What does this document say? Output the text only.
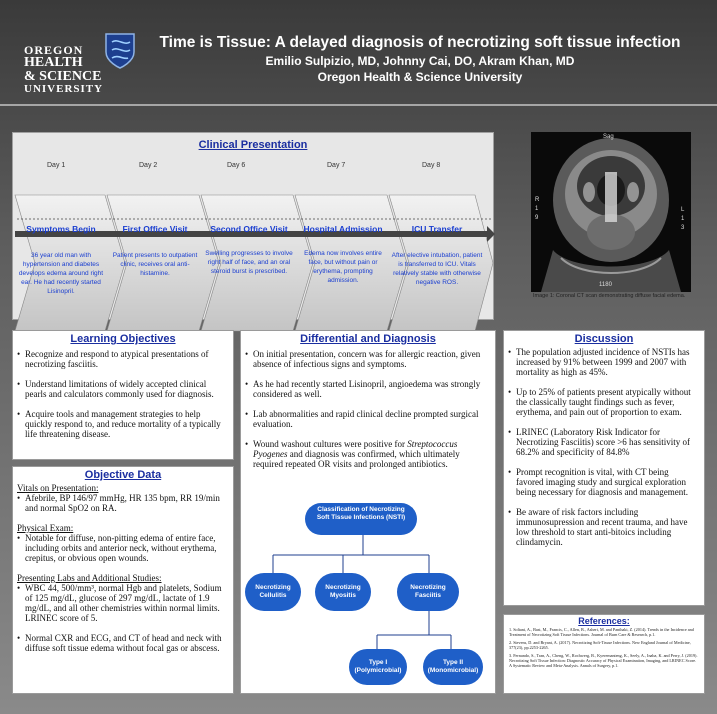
OREGON
HEALTH
& SCIENCE
UNIVERSITY
Time is Tissue: A delayed diagnosis of necrotizing soft tissue infection
Emilio Sulpizio, MD, Johnny Cai, DO, Akram Khan, MD
Oregon Health & Science University
Clinical Presentation
Day 1	Day 2	Day 6	Day 7	Day 8
Symptoms Begin
36 year old man with hypertension and diabetes develops edema around right ear. He had recently started Lisinopril.
First Office Visit
Patient presents to outpatient clinic, receives oral anti-histamine.
Second Office Visit
Swelling progresses to involve right half of face, and an oral steroid burst is prescribed.
Hospital Admission
Edema now involves entire face, but without pain or erythema, prompting admission.
ICU Transfer
After elective intubation, patient is transferred to ICU. Vitals relatively stable with otherwise negative ROS.
Sag
R
1
9
L
1
3
1180
Image 1: Coronal CT scan demonstrating diffuse facial edema.
Learning Objectives
• Recognize and respond to atypical presentations of necrotizing fasciitis.
• Understand limitations of widely accepted clinical pearls and calculators commonly used for diagnosis.
• Acquire tools and management strategies to help quickly respond to, and reduce mortality of a typically life threatening disease.
Objective Data
Vitals on Presentation:
• Afebrile, BP 146/97 mmHg, HR 135 bpm, RR 19/min and normal SpO2 on RA.
Physical Exam:
• Notable for diffuse, non-pitting edema of entire face, including orbits and anterior neck, without erythema, crepitus, or obvious open wounds.
Presenting Labs and Additional Studies:
• WBC 44, 500/mm³, normal Hgb and platelets, Sodium of 125 mg/dL, glucose of 297 mg/dL, lactate of 1.9 mg/dL, and all other chemistries within normal limits. LRINEC score of 5.
• Normal CXR and ECG, and CT of head and neck with diffuse soft tissue edema without focal gas or abscess.
Differential and Diagnosis
• On initial presentation, concern was for allergic reaction, given absence of infectious signs and symptoms.
• As he had recently started Lisinopril, angioedema was strongly considered as well.
• Lab abnormalities and rapid clinical decline prompted surgical evaluation.
• Wound washout cultures were positive for Streptococcus Pyogenes and diagnosis was confirmed, which ultimately required repeated OR visits and prolonged antibiotics.
Classification of Necrotizing Soft Tissue Infections (NSTI)
Necrotizing Cellulitis
Necrotizing Myositis
Necrotizing Fasciitis
Type I (Polymicrobial)
Type II (Monomicrobial)
Discussion
• The population adjusted incidence of NSTIs has increased by 91% between 1999 and 2007 with mortality as high as 45%.
• Up to 25% of patients present atypically without the classically taught findings such as fever, erythema, and pain out of proportion to exam.
• LRINEC (Laboratory Risk Indicator for Necrotizing Fasciitis) score >6 has sensitivity of 68.2% and specificity of 84.8%
• Prompt recognition is vital, with CT being favored imaging study and surgical exploration being necessary for diagnosis and management.
• Be aware of risk factors including immunosupression and recent trauma, and have low threshold to start anti-bitoics including clindamycin.
References:
1. Soltani, A., Bast, M., Francis, C., Allen, B., Asheri, M. and Panthaki, Z. (2014). Trends in the Incidence and Treatment of Necrotizing Soft Tissue Infections. Journal of Burn Care & Research, p.1.
2. Stevens, D. and Bryant, A. (2017). Necrotizing Soft-Tissue Infections. New England Journal of Medicine, 377(23), pp.2253-2265.
3. Fernando, S., Tran, A., Cheng, W., Rochwerg, B., Kyeremanteng, K., Seely, A., Inaba, K. and Perry, J. (2019). Necrotizing Soft Tissue Infection: Diagnostic Accuracy of Physical Examination, Imaging, and LRINEC Score. A Systematic Review and Meta-Analysis. Annals of Surgery, p.1.
